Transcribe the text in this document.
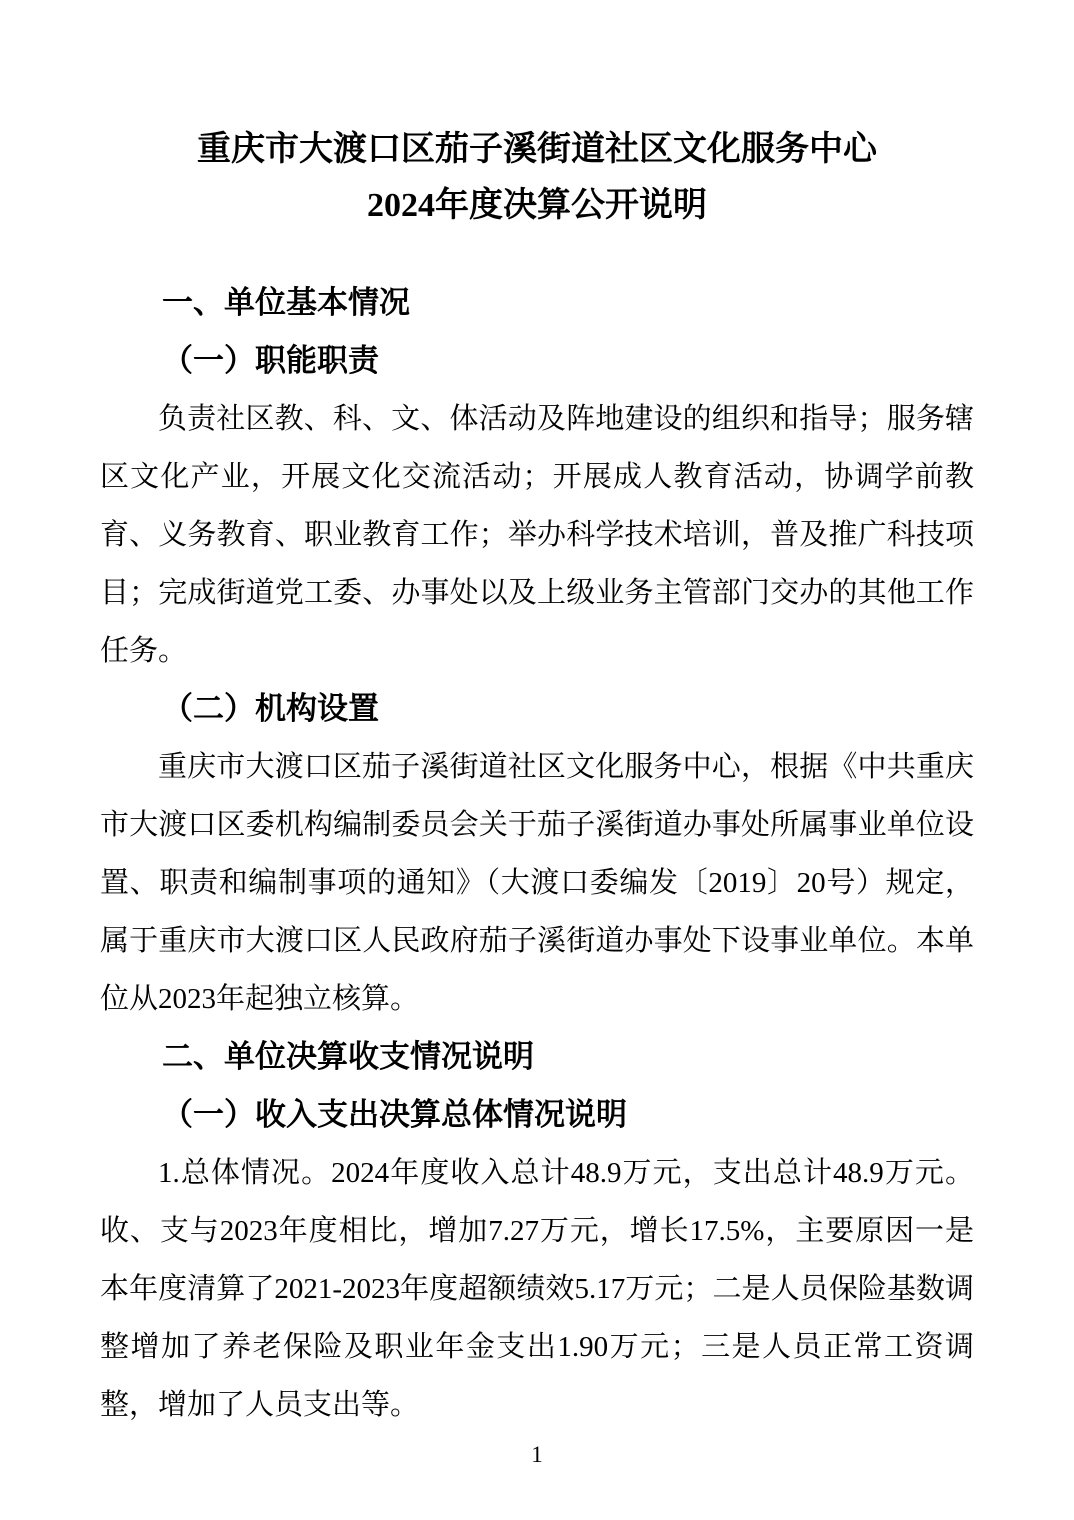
重庆市大渡口区茄子溪街道社区文化服务中心
2024年度决算公开说明
一、单位基本情况
（一）职能职责

负责社区教、科、文、体活动及阵地建设的组织和指导；服务辖区文化产业，开展文化交流活动；开展成人教育活动，协调学前教育、义务教育、职业教育工作；举办科学技术培训，普及推广科技项目；完成街道党工委、办事处以及上级业务主管部门交办的其他工作任务。

（二）机构设置

重庆市大渡口区茄子溪街道社区文化服务中心，根据《中共重庆市大渡口区委机构编制委员会关于茄子溪街道办事处所属事业单位设置、职责和编制事项的通知》（大渡口委编发〔2019〕20号）规定，属于重庆市大渡口区人民政府茄子溪街道办事处下设事业单位。本单位从2023年起独立核算。

二、单位决算收支情况说明
（一）收入支出决算总体情况说明

1.总体情况。2024年度收入总计48.9万元，支出总计48.9万元。收、支与2023年度相比，增加7.27万元，增长17.5%，主要原因一是本年度清算了2021-2023年度超额绩效5.17万元；二是人员保险基数调整增加了养老保险及职业年金支出1.90万元；三是人员正常工资调整，增加了人员支出等。

1
